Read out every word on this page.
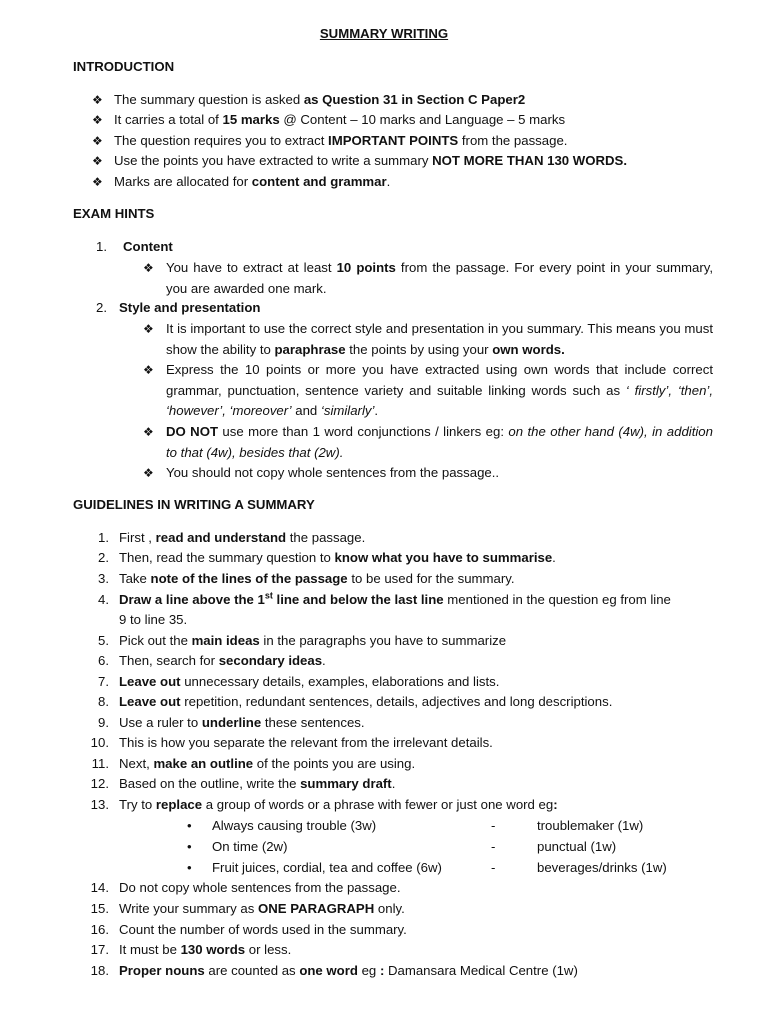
SUMMARY WRITING
INTRODUCTION
❖ The summary question is asked as Question 31 in Section C Paper2
❖ It carries a total of 15 marks @ Content – 10 marks and Language – 5 marks
❖ The question requires you to extract IMPORTANT POINTS from the passage.
❖ Use the points you have extracted to write a summary NOT MORE THAN 130 WORDS.
❖ Marks are allocated for content and grammar.
EXAM HINTS
1. Content
❖ You have to extract at least 10 points from the passage. For every point in your summary, you are awarded one mark.
2. Style and presentation
❖ It is important to use the correct style and presentation in you summary. This means you must show the ability to paraphrase the points by using your own words.
❖ Express the 10 points or more you have extracted using own words that include correct grammar, punctuation, sentence variety and suitable linking words such as ‘ firstly’, ‘then’, ‘however’, ‘moreover’ and ‘similarly’.
❖ DO NOT use more than 1 word conjunctions / linkers eg: on the other hand (4w), in addition to that (4w), besides that (2w).
❖ You should not copy whole sentences from the passage..
GUIDELINES IN WRITING A SUMMARY
1. First , read and understand the passage.
2. Then, read the summary question to know what you have to summarise.
3. Take note of the lines of the passage to be used for the summary.
4. Draw a line above the 1st line and below the last line mentioned in the question eg from line
9 to line 35.
5. Pick out the main ideas in the paragraphs you have to summarize
6. Then, search for secondary ideas.
7. Leave out unnecessary details, examples, elaborations and lists.
8. Leave out repetition, redundant sentences, details, adjectives and long descriptions.
9. Use a ruler to underline these sentences.
10. This is how you separate the relevant from the irrelevant details.
11. Next, make an outline of the points you are using.
12. Based on the outline, write the summary draft.
13. Try to replace a group of words or a phrase with fewer or just one word eg:
• Always causing trouble (3w)	-	troublemaker (1w)
• On time (2w)	-	punctual (1w)
• Fruit juices, cordial, tea and coffee (6w)	-	beverages/drinks (1w)
14. Do not copy whole sentences from the passage.
15. Write your summary as ONE PARAGRAPH only.
16. Count the number of words used in the summary.
17. It must be 130 words or less.
18. Proper nouns are counted as one word eg : Damansara Medical Centre (1w)
